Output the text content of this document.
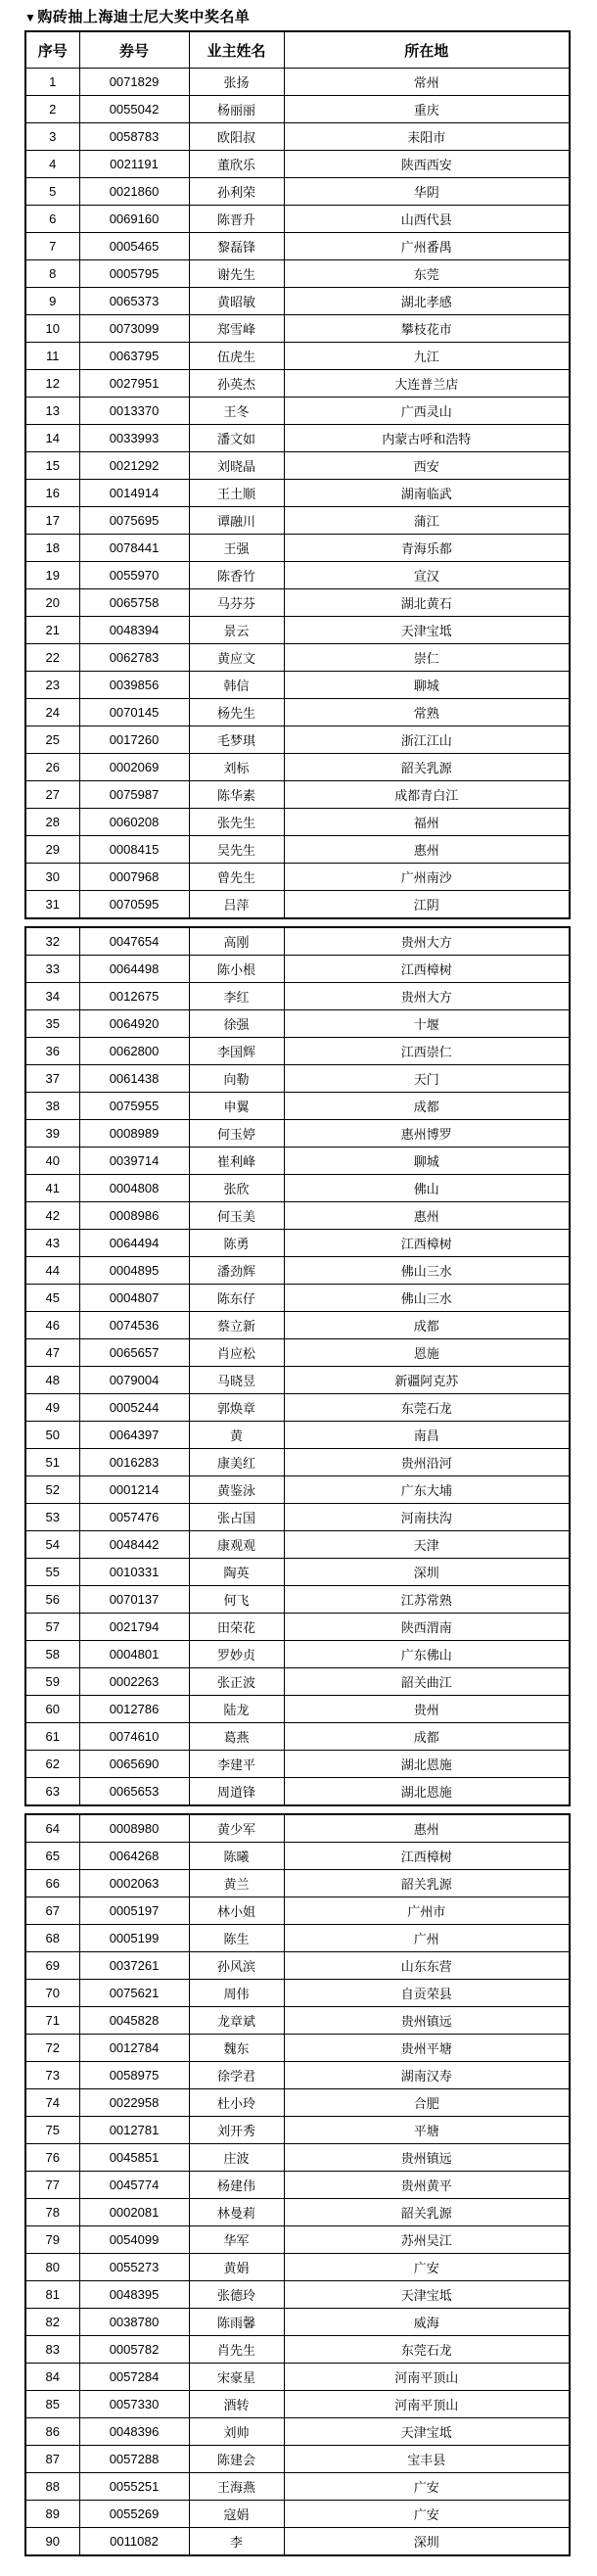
▼购砖抽上海迪士尼大奖中奖名单
序号	券号	业主姓名	所在地
1	0071829	张扬	常州
2	0055042	杨丽丽	重庆
3	0058783	欧阳叔	耒阳市
4	0021191	董欣乐	陕西西安
5	0021860	孙利荣	华阴
6	0069160	陈晋升	山西代县
7	0005465	黎磊锋	广州番禺
8	0005795	谢先生	东莞
9	0065373	黄昭敏	湖北孝感
10	0073099	郑雪峰	攀枝花市
11	0063795	伍虎生	九江
12	0027951	孙英杰	大连普兰店
13	0013370	王冬	广西灵山
14	0033993	潘文如	内蒙古呼和浩特
15	0021292	刘晓晶	西安
16	0014914	王土顺	湖南临武
17	0075695	谭融川	蒲江
18	0078441	王强	青海乐都
19	0055970	陈香竹	宣汉
20	0065758	马芬芬	湖北黄石
21	0048394	景云	天津宝坻
22	0062783	黄应文	崇仁
23	0039856	韩信	聊城
24	0070145	杨先生	常熟
25	0017260	毛梦琪	浙江江山
26	0002069	刘标	韶关乳源
27	0075987	陈华素	成都青白江
28	0060208	张先生	福州
29	0008415	吴先生	惠州
30	0007968	曾先生	广州南沙
31	0070595	吕萍	江阴
32	0047654	高刚	贵州大方
33	0064498	陈小根	江西樟树
34	0012675	李红	贵州大方
35	0064920	徐强	十堰
36	0062800	李国辉	江西崇仁
37	0061438	向勒	天门
38	0075955	申翼	成都
39	0008989	何玉婷	惠州博罗
40	0039714	崔利峰	聊城
41	0004808	张欣	佛山
42	0008986	何玉美	惠州
43	0064494	陈勇	江西樟树
44	0004895	潘劲辉	佛山三水
45	0004807	陈东仔	佛山三水
46	0074536	蔡立新	成都
47	0065657	肖应松	恩施
48	0079004	马晓昱	新疆阿克苏
49	0005244	郭焕章	东莞石龙
50	0064397	黄	南昌
51	0016283	康美红	贵州沿河
52	0001214	黄鉴泳	广东大埔
53	0057476	张占国	河南扶沟
54	0048442	康观观	天津
55	0010331	陶英	深圳
56	0070137	何飞	江苏常熟
57	0021794	田荣花	陕西渭南
58	0004801	罗妙贞	广东佛山
59	0002263	张正波	韶关曲江
60	0012786	陆龙	贵州
61	0074610	葛燕	成都
62	0065690	李建平	湖北恩施
63	0065653	周道锋	湖北恩施
64	0008980	黄少军	惠州
65	0064268	陈曦	江西樟树
66	0002063	黄兰	韶关乳源
67	0005197	林小姐	广州市
68	0005199	陈生	广州
69	0037261	孙风滨	山东东营
70	0075621	周伟	自贡荣县
71	0045828	龙章斌	贵州镇远
72	0012784	魏东	贵州平塘
73	0058975	徐学君	湖南汉寿
74	0022958	杜小玲	合肥
75	0012781	刘开秀	平塘
76	0045851	庄波	贵州镇远
77	0045774	杨建伟	贵州黄平
78	0002081	林曼莉	韶关乳源
79	0054099	华军	苏州吴江
80	0055273	黄娟	广安
81	0048395	张德玲	天津宝坻
82	0038780	陈雨馨	威海
83	0005782	肖先生	东莞石龙
84	0057284	宋豪星	河南平顶山
85	0057330	酒转	河南平顶山
86	0048396	刘帅	天津宝坻
87	0057288	陈建会	宝丰县
88	0055251	王海燕	广安
89	0055269	寇娟	广安
90	0011082	李	深圳
